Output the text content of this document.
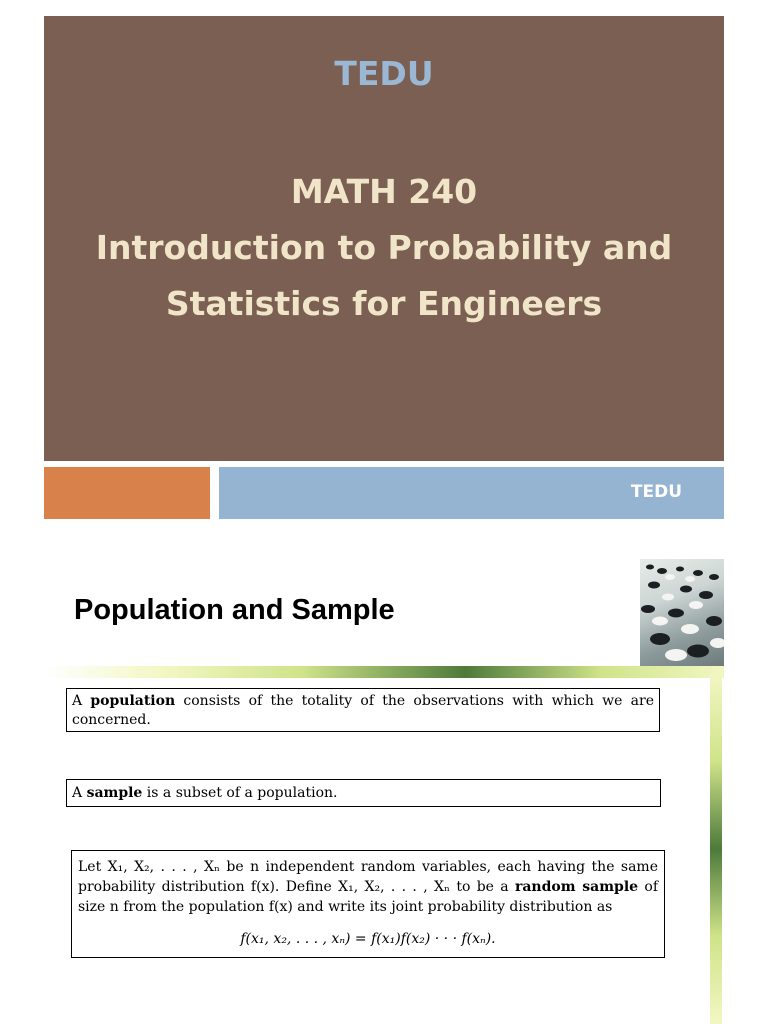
TEDU
MATH 240
Introduction to Probability and
Statistics for Engineers
TEDU
Population and Sample
A population consists of the totality of the observations with which we are concerned.
A sample is a subset of a population.
Let X₁, X₂, . . . , Xₙ be n independent random variables, each having the same probability distribution f(x). Define X₁, X₂, . . . , Xₙ to be a random sample of size n from the population f(x) and write its joint probability distribution as
f(x₁, x₂, . . . , xₙ) = f(x₁)f(x₂) · · · f(xₙ).
